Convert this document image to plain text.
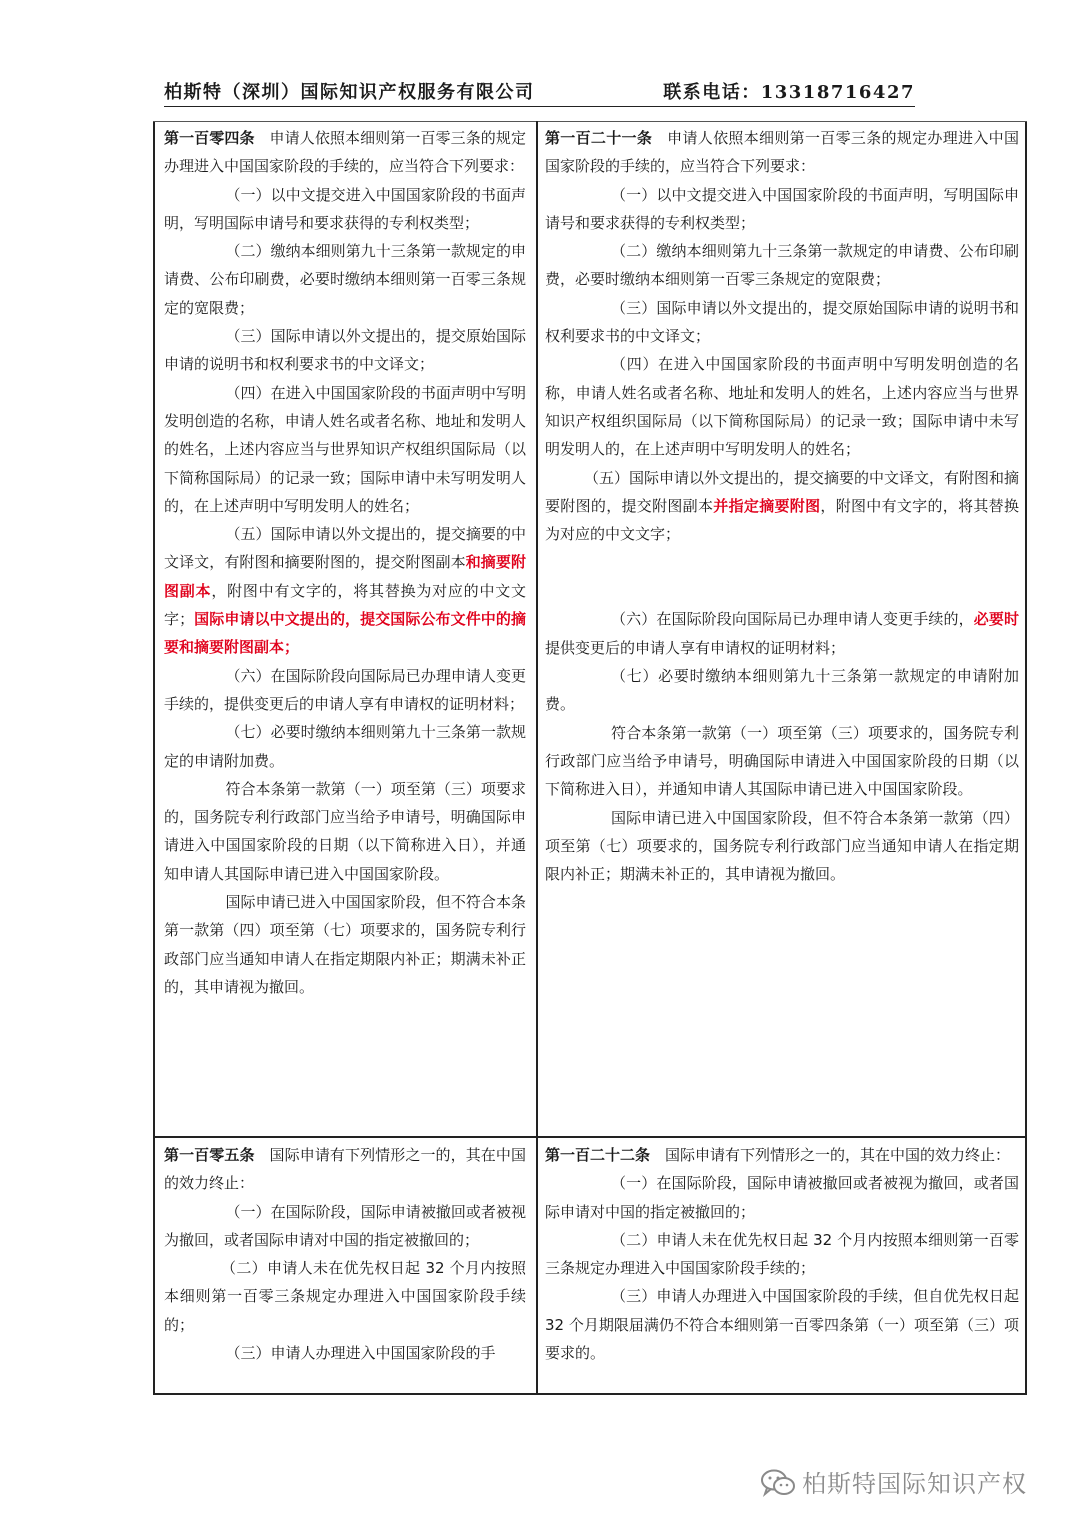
柏斯特（深圳）国际知识产权服务有限公司	联系电话：13318716427

第一百零四条 申请人依照本细则第一百零三条的规定办理进入中国国家阶段的手续的，应当符合下列要求：

（一）以中文提交进入中国国家阶段的书面声明，写明国际申请号和要求获得的专利权类型；

（二）缴纳本细则第九十三条第一款规定的申请费、公布印刷费，必要时缴纳本细则第一百零三条规定的宽限费；

（三）国际申请以外文提出的，提交原始国际申请的说明书和权利要求书的中文译文；

（四）在进入中国国家阶段的书面声明中写明发明创造的名称，申请人姓名或者名称、地址和发明人的姓名，上述内容应当与世界知识产权组织国际局（以下简称国际局）的记录一致；国际申请中未写明发明人的，在上述声明中写明发明人的姓名；

（五）国际申请以外文提出的，提交摘要的中文译文，有附图和摘要附图的，提交附图副本和摘要附图副本，附图中有文字的，将其替换为对应的中文文字；国际申请以中文提出的，提交国际公布文件中的摘要和摘要附图副本；

（六）在国际阶段向国际局已办理申请人变更手续的，提供变更后的申请人享有申请权的证明材料；

（七）必要时缴纳本细则第九十三条第一款规定的申请附加费。

符合本条第一款第（一）项至第（三）项要求的，国务院专利行政部门应当给予申请号，明确国际申请进入中国国家阶段的日期（以下简称进入日），并通知申请人其国际申请已进入中国国家阶段。

国际申请已进入中国国家阶段，但不符合本条第一款第（四）项至第（七）项要求的，国务院专利行政部门应当通知申请人在指定期限内补正；期满未补正的，其申请视为撤回。

第一百二十一条 申请人依照本细则第一百零三条的规定办理进入中国国家阶段的手续的，应当符合下列要求：

（一）以中文提交进入中国国家阶段的书面声明，写明国际申请号和要求获得的专利权类型；

（二）缴纳本细则第九十三条第一款规定的申请费、公布印刷费，必要时缴纳本细则第一百零三条规定的宽限费；

（三）国际申请以外文提出的，提交原始国际申请的说明书和权利要求书的中文译文；

（四）在进入中国国家阶段的书面声明中写明发明创造的名称，申请人姓名或者名称、地址和发明人的姓名，上述内容应当与世界知识产权组织国际局（以下简称国际局）的记录一致；国际申请中未写明发明人的，在上述声明中写明发明人的姓名；

（五）国际申请以外文提出的，提交摘要的中文译文，有附图和摘要附图的，提交附图副本并指定摘要附图，附图中有文字的，将其替换为对应的中文文字；

（六）在国际阶段向国际局已办理申请人变更手续的，必要时提供变更后的申请人享有申请权的证明材料；

（七）必要时缴纳本细则第九十三条第一款规定的申请附加费。

符合本条第一款第（一）项至第（三）项要求的，国务院专利行政部门应当给予申请号，明确国际申请进入中国国家阶段的日期（以下简称进入日），并通知申请人其国际申请已进入中国国家阶段。

国际申请已进入中国国家阶段，但不符合本条第一款第（四）项至第（七）项要求的，国务院专利行政部门应当通知申请人在指定期限内补正；期满未补正的，其申请视为撤回。

第一百零五条 国际申请有下列情形之一的，其在中国的效力终止：

（一）在国际阶段，国际申请被撤回或者被视为撤回，或者国际申请对中国的指定被撤回的；

（二）申请人未在优先权日起 32 个月内按照本细则第一百零三条规定办理进入中国国家阶段手续的；

（三）申请人办理进入中国国家阶段的手

第一百二十二条 国际申请有下列情形之一的，其在中国的效力终止：

（一）在国际阶段，国际申请被撤回或者被视为撤回，或者国际申请对中国的指定被撤回的；

（二）申请人未在优先权日起 32 个月内按照本细则第一百零三条规定办理进入中国国家阶段手续的；

（三）申请人办理进入中国国家阶段的手续，但自优先权日起 32 个月期限届满仍不符合本细则第一百零四条第（一）项至第（三）项要求的。

柏斯特国际知识产权
